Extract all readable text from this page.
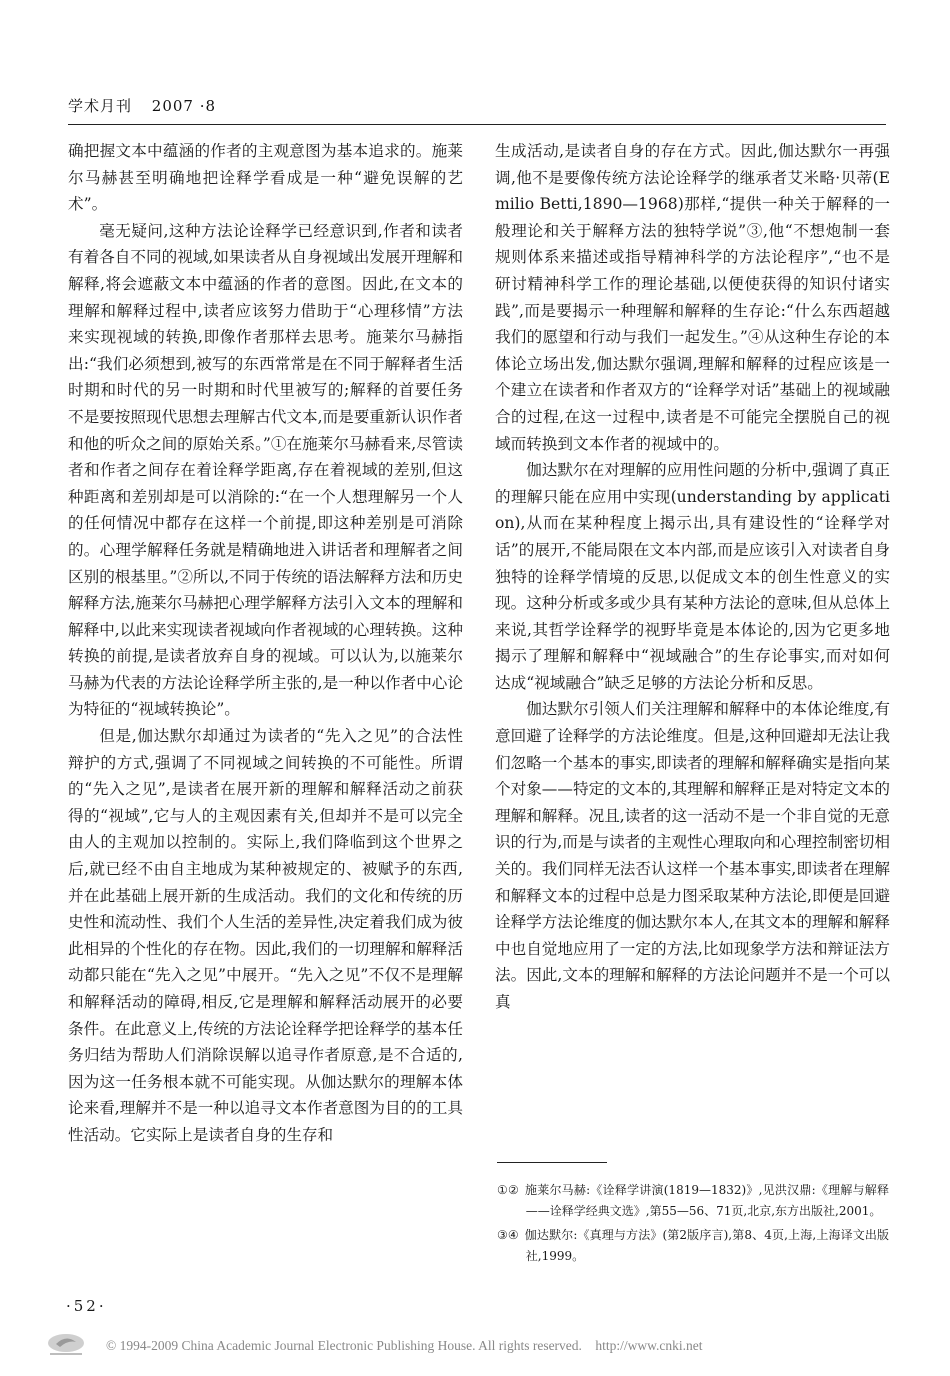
学术月刊 2007 ·8

确把握文本中蕴涵的作者的主观意图为基本追求的。施莱尔马赫甚至明确地把诠释学看成是一种“避免误解的艺术”。

毫无疑问,这种方法论诠释学已经意识到,作者和读者有着各自不同的视域,如果读者从自身视域出发展开理解和解释,将会遮蔽文本中蕴涵的作者的意图。因此,在文本的理解和解释过程中,读者应该努力借助于“心理移情”方法来实现视域的转换,即像作者那样去思考。施莱尔马赫指出:“我们必须想到,被写的东西常常是在不同于解释者生活时期和时代的另一时期和时代里被写的;解释的首要任务不是要按照现代思想去理解古代文本,而是要重新认识作者和他的听众之间的原始关系。”①在施莱尔马赫看来,尽管读者和作者之间存在着诠释学距离,存在着视域的差别,但这种距离和差别却是可以消除的:“在一个人想理解另一个人的任何情况中都存在这样一个前提,即这种差别是可消除的。心理学解释任务就是精确地进入讲话者和理解者之间区别的根基里。”②所以,不同于传统的语法解释方法和历史解释方法,施莱尔马赫把心理学解释方法引入文本的理解和解释中,以此来实现读者视域向作者视域的心理转换。这种转换的前提,是读者放弃自身的视域。可以认为,以施莱尔马赫为代表的方法论诠释学所主张的,是一种以作者中心论为特征的“视域转换论”。

但是,伽达默尔却通过为读者的“先入之见”的合法性辩护的方式,强调了不同视域之间转换的不可能性。所谓的“先入之见”,是读者在展开新的理解和解释活动之前获得的“视域”,它与人的主观因素有关,但却并不是可以完全由人的主观加以控制的。实际上,我们降临到这个世界之后,就已经不由自主地成为某种被规定的、被赋予的东西,并在此基础上展开新的生成活动。我们的文化和传统的历史性和流动性、我们个人生活的差异性,决定着我们成为彼此相异的个性化的存在物。因此,我们的一切理解和解释活动都只能在“先入之见”中展开。“先入之见”不仅不是理解和解释活动的障碍,相反,它是理解和解释活动展开的必要条件。在此意义上,传统的方法论诠释学把诠释学的基本任务归结为帮助人们消除误解以追寻作者原意,是不合适的,因为这一任务根本就不可能实现。从伽达默尔的理解本体论来看,理解并不是一种以追寻文本作者意图为目的的工具性活动。它实际上是读者自身的生存和

生成活动,是读者自身的存在方式。因此,伽达默尔一再强调,他不是要像传统方法论诠释学的继承者艾米略·贝蒂(Emilio Betti,1890—1968)那样,“提供一种关于解释的一般理论和关于解释方法的独特学说”③,他“不想炮制一套规则体系来描述或指导精神科学的方法论程序”,“也不是研讨精神科学工作的理论基础,以便使获得的知识付诸实践”,而是要揭示一种理解和解释的生存论:“什么东西超越我们的愿望和行动与我们一起发生。”④从这种生存论的本体论立场出发,伽达默尔强调,理解和解释的过程应该是一个建立在读者和作者双方的“诠释学对话”基础上的视域融合的过程,在这一过程中,读者是不可能完全摆脱自己的视域而转换到文本作者的视域中的。

伽达默尔在对理解的应用性问题的分析中,强调了真正的理解只能在应用中实现(understanding by application),从而在某种程度上揭示出,具有建设性的“诠释学对话”的展开,不能局限在文本内部,而是应该引入对读者自身独特的诠释学情境的反思,以促成文本的创生性意义的实现。这种分析或多或少具有某种方法论的意味,但从总体上来说,其哲学诠释学的视野毕竟是本体论的,因为它更多地揭示了理解和解释中“视域融合”的生存论事实,而对如何达成“视域融合”缺乏足够的方法论分析和反思。

伽达默尔引领人们关注理解和解释中的本体论维度,有意回避了诠释学的方法论维度。但是,这种回避却无法让我们忽略一个基本的事实,即读者的理解和解释确实是指向某个对象——特定的文本的,其理解和解释正是对特定文本的理解和解释。况且,读者的这一活动不是一个非自觉的无意识的行为,而是与读者的主观性心理取向和心理控制密切相关的。我们同样无法否认这样一个基本事实,即读者在理解和解释文本的过程中总是力图采取某种方法论,即便是回避诠释学方法论维度的伽达默尔本人,在其文本的理解和解释中也自觉地应用了一定的方法,比如现象学方法和辩证法方法。因此,文本的理解和解释的方法论问题并不是一个可以真

①② 施莱尔马赫:《诠释学讲演(1819—1832)》,见洪汉鼎:《理解与解释——诠释学经典文选》,第55—56、71页,北京,东方出版社,2001。

③④ 伽达默尔:《真理与方法》(第2版序言),第8、4页,上海,上海译文出版社,1999。

·52·
© 1994-2009 China Academic Journal Electronic Publishing House. All rights reserved.    http://www.cnki.net
